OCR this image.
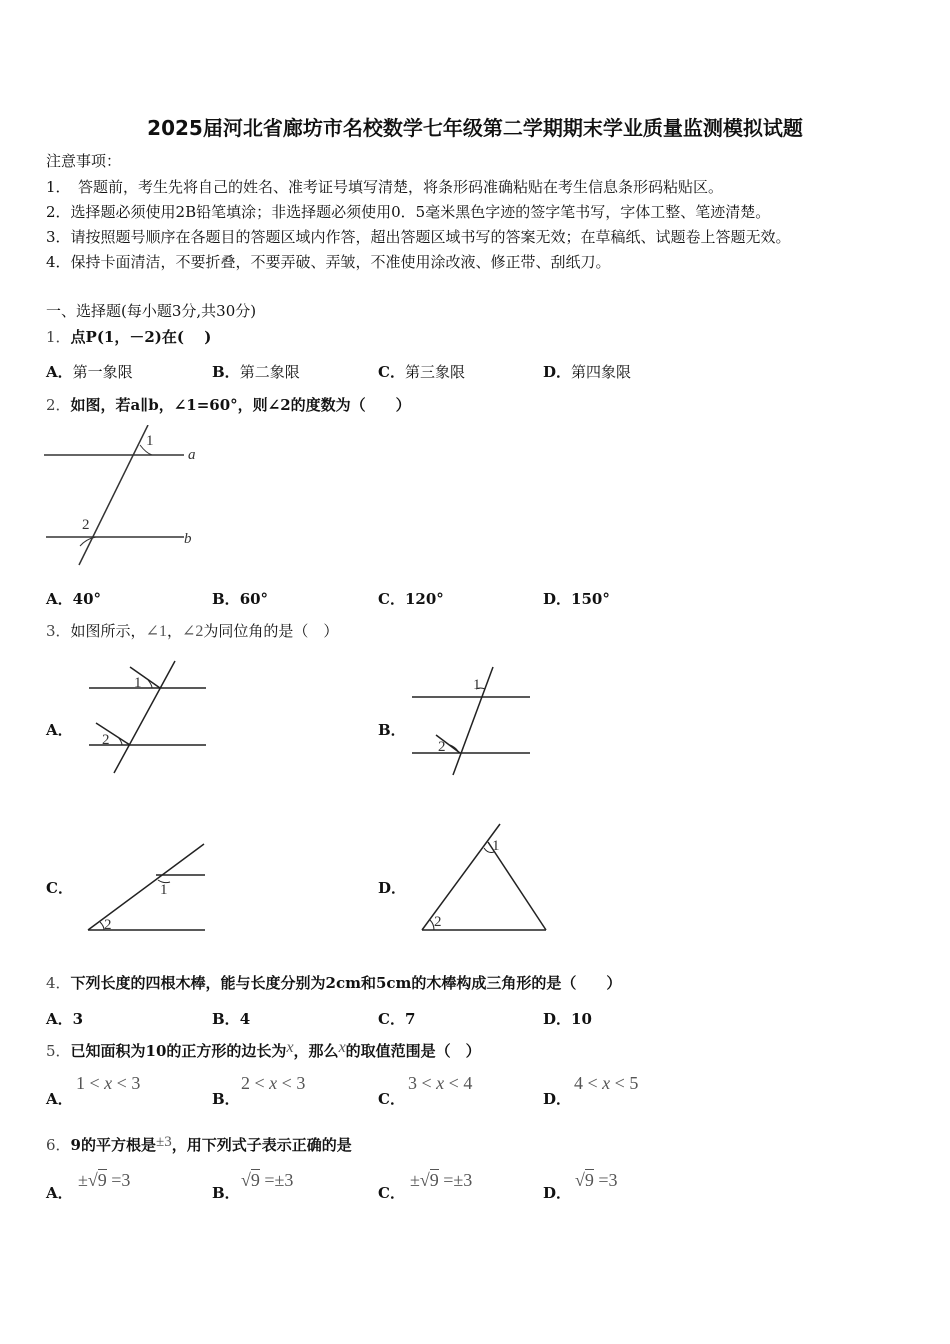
2025届河北省廊坊市名校数学七年级第二学期期末学业质量监测模拟试题
注意事项：
1．　答题前，考生先将自己的姓名、准考证号填写清楚，将条形码准确粘贴在考生信息条形码粘贴区。
2．选择题必须使用2B铅笔填涂；非选择题必须使用0．5毫米黑色字迹的签字笔书写，字体工整、笔迹清楚。
3．请按照题号顺序在各题目的答题区域内作答，超出答题区域书写的答案无效；在草稿纸、试题卷上答题无效。
4．保持卡面清洁，不要折叠，不要弄破、弄皱，不准使用涂改液、修正带、刮纸刀。
一、选择题(每小题3分,共30分)
1．点P(1，－2)在(　 )
A．第一象限	B．第二象限	C．第三象限	D．第四象限
2．如图，若a∥b，∠1=60°，则∠2的度数为（　　）
1
2
a
b
A．40°	B．60°	C．120°	D．150°
3．如图所示，∠1，∠2为同位角的是（　）
A．
1
2
B．
1
2
C．	1
2
D．
1
2
4．下列长度的四根木棒，能与长度分别为2cm和5cm的木棒构成三角形的是（　　）
A．3	B．4	C．7	D．10
5．已知面积为10的正方形的边长为x，那么x的取值范围是（　）
A．
1 < x < 3
B．
2 < x < 3
C．
3 < x < 4
D．
4 < x < 5
6．9的平方根是±3，用下列式子表示正确的是
A．
±√9 =3
B．
√9 =±3
C．
±√9 =±3
D．
√9 =3
